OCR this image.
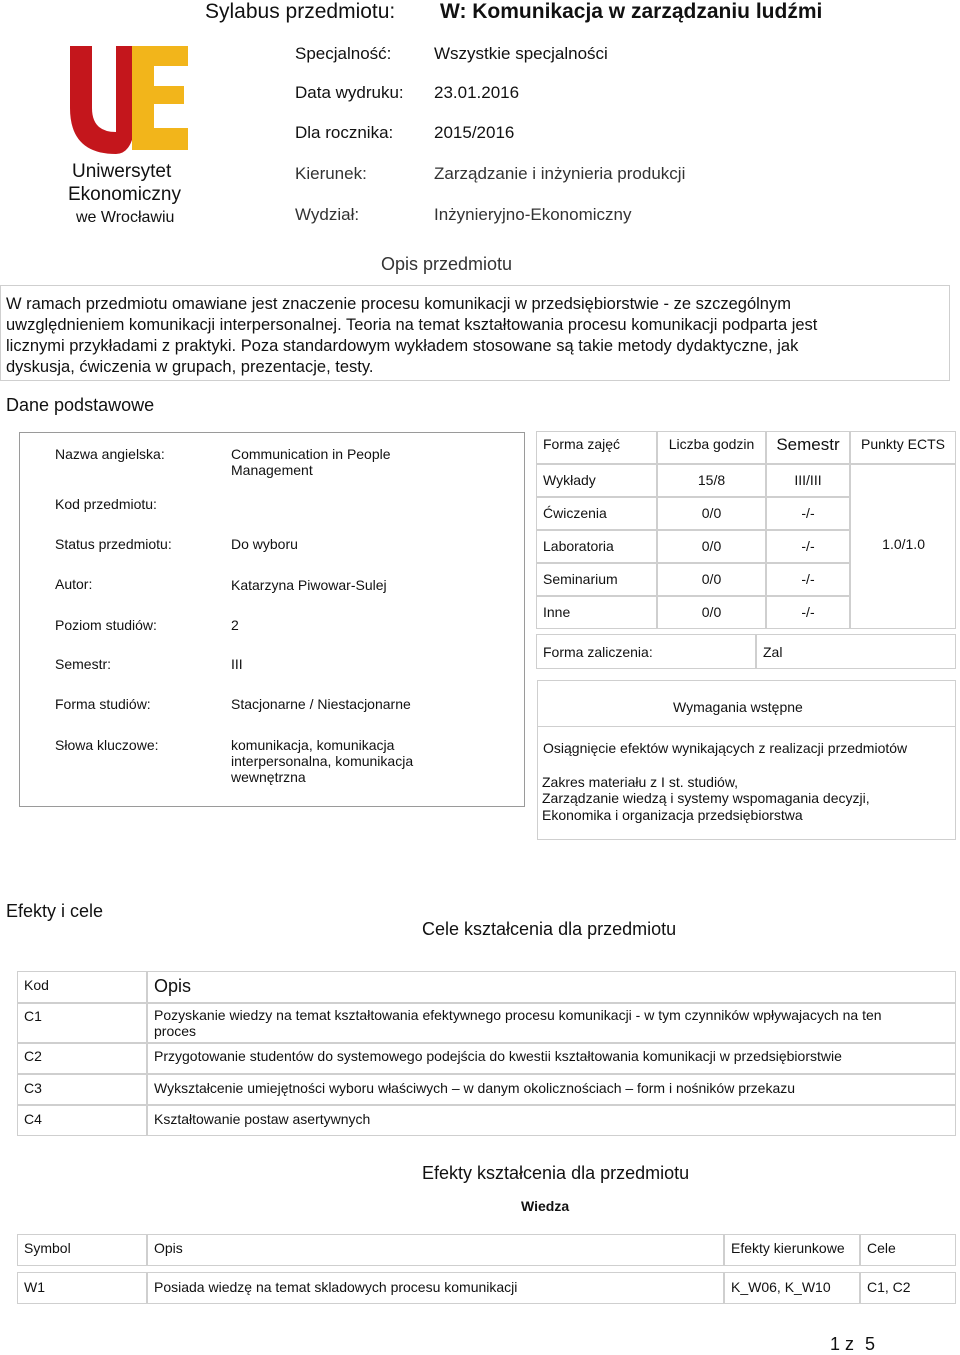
Sylabus przedmiotu: W: Komunikacja w zarządzaniu ludźmi
Specjalność:	Wszystkie specjalności
Data wydruku: 23.01.2016
Dla rocznika: 2015/2016
Kierunek:	Zarządzanie i inżynieria produkcji
Wydział:	Inżynieryjno-Ekonomiczny
Uniwersytet
Ekonomiczny
we Wrocławiu
Opis przedmiotu
W ramach przedmiotu omawiane jest znaczenie procesu komunikacji w przedsiębiorstwie - ze szczególnym
uwzględnieniem komunikacji interpersonalnej. Teoria na temat kształtowania procesu komunikacji podparta jest
licznymi przykładami z praktyki. Poza standardowym wykładem stosowane są takie metody dydaktyczne, jak
dyskusja, ćwiczenia w grupach, prezentacje, testy.
Dane podstawowe
Nazwa angielska:	Communication in People
Management
Kod przedmiotu:
Status przedmiotu:	Do wyboru
Autor:	Katarzyna Piwowar-Sulej
Poziom studiów:	2
Semestr:	III
Forma studiów:	Stacjonarne / Niestacjonarne
Słowa kluczowe:	komunikacja, komunikacja
interpersonalna, komunikacja
wewnętrzna
Forma zajęć	Liczba godzin	Semestr	Punkty ECTS
Wykłady	15/8	III/III
Ćwiczenia	0/0	-/-
Laboratoria	0/0	-/-
Seminarium	0/0	-/-
Inne	0/0	-/-
1.0/1.0
Forma zaliczenia:	Zal
Wymagania wstępne
Osiągnięcie efektów wynikających z realizacji przedmiotów
Zakres materiału z I st. studiów,
Zarządzanie wiedzą i systemy wspomagania decyzji,
Ekonomika i organizacja przedsiębiorstwa
Efekty i cele
Cele kształcenia dla przedmiotu
Kod	Opis
C1	Pozyskanie wiedzy na temat kształtowania efektywnego procesu komunikacji - w tym czynników wpływajacych na ten
proces
C2	Przygotowanie studentów do systemowego podejścia do kwestii kształtowania komunikacji w przedsiębiorstwie
C3	Wykształcenie umiejętności wyboru właściwych – w danym okolicznościach – form i nośników przekazu
C4	Kształtowanie postaw asertywnych
Efekty kształcenia dla przedmiotu
Wiedza
Symbol	Opis	Efekty kierunkowe	Cele
W1	Posiada wiedzę na temat skladowych procesu komunikacji	K_W06, K_W10	C1, C2
1 z 5
